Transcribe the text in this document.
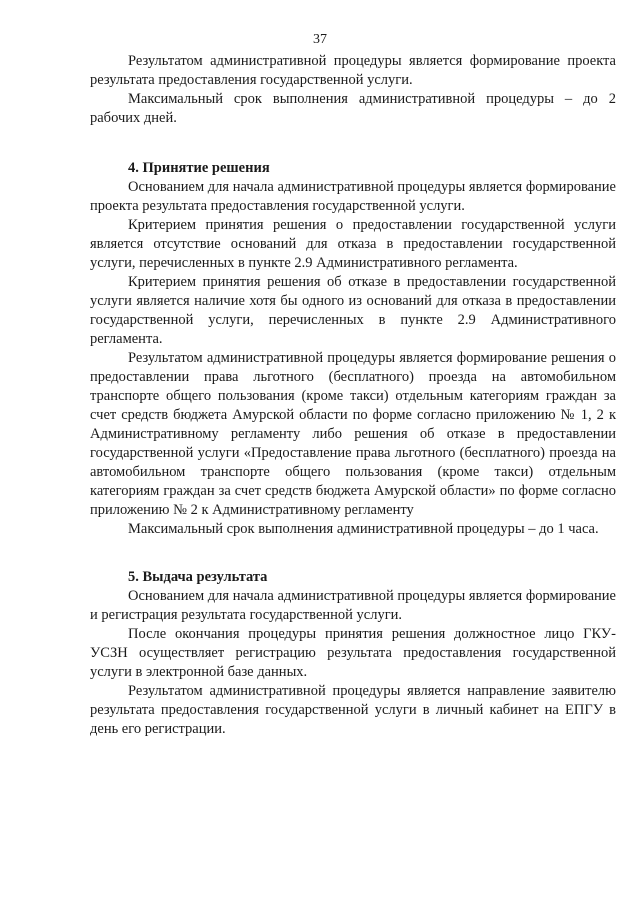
37

Результатом административной процедуры является формирование проекта результата предоставления государственной услуги.

Максимальный срок выполнения административной процедуры – до 2 рабочих дней.

4. Принятие решения

Основанием для начала административной процедуры является формирование проекта результата предоставления государственной услуги.

Критерием принятия решения о предоставлении государственной услуги является отсутствие оснований для отказа в предоставлении государственной услуги, перечисленных в пункте 2.9 Административного регламента.

Критерием принятия решения об отказе в предоставлении государственной услуги является наличие хотя бы одного из оснований для отказа в предоставлении государственной услуги, перечисленных в пункте 2.9 Административного регламента.

Результатом административной процедуры является формирование решения о предоставлении права льготного (бесплатного) проезда на автомобильном транспорте общего пользования (кроме такси) отдельным категориям граждан за счет средств бюджета Амурской области по форме согласно приложению № 1, 2 к Административному регламенту либо решения об отказе в предоставлении государственной услуги «Предоставление права льготного (бесплатного) проезда на автомобильном транспорте общего пользования (кроме такси) отдельным категориям граждан за счет средств бюджета Амурской области» по форме согласно приложению № 2 к Административному регламенту

Максимальный срок выполнения административной процедуры – до 1 часа.

5. Выдача результата

Основанием для начала административной процедуры является формирование и регистрация результата государственной услуги.

После окончания процедуры принятия решения должностное лицо ГКУ-УСЗН осуществляет регистрацию результата предоставления государственной услуги в электронной базе данных.

Результатом административной процедуры является направление заявителю результата предоставления государственной услуги в личный кабинет на ЕПГУ в день его регистрации.
